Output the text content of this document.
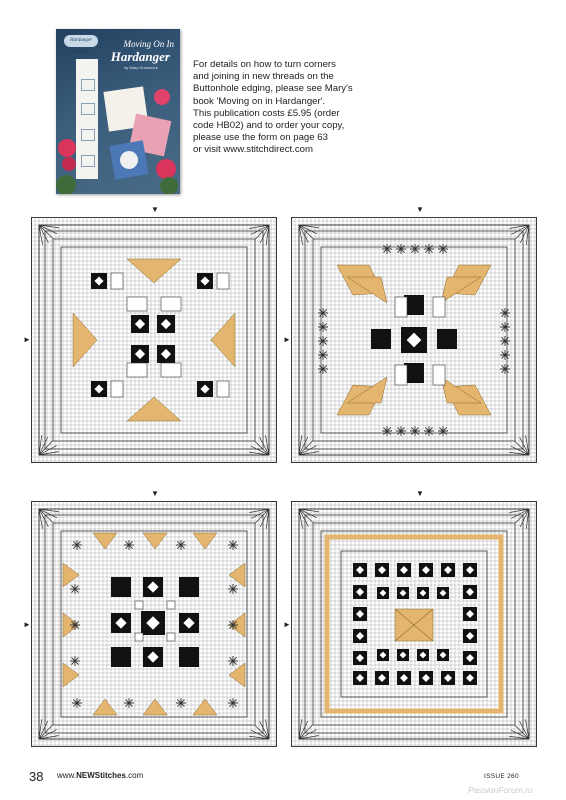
Hardanger Series
Moving On In
Hardanger
by Mary Dunsmore	For details on how to turn corners
and joining in new threads on the
Buttonhole edging, please see Mary's
book 'Moving on in Hardanger'.
This publication costs £5.95 (order
code HB02) and to order your copy,
please use the form on page 63
or visit www.stitchdirect.com

▼
►
▼
►
▼
►
▼
►
38 www.NEWStitches.com	ISSUE 260
PassionForum.ru
